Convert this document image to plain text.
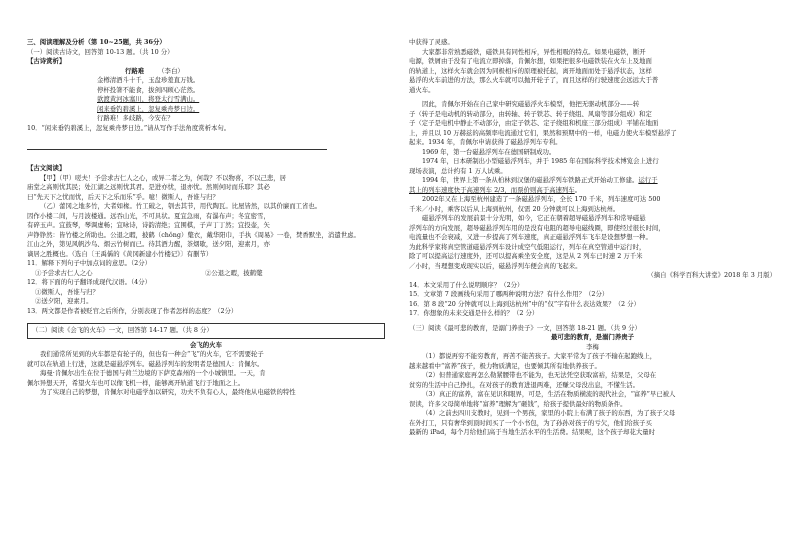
三、阅读理解及分析（第 10~25题，共 36分）

（一）阅读古诗文，回答第 10-13 题。（共 10 分）

【古诗赏析】

行路难 （李白）

金樽清酒斗十千，玉盘珍羞直万钱。

停杯投箸不能食，拔剑四顾心茫然。

欲渡黄河冰塞川，将登太行雪满山。

闲来垂钓碧溪上，忽复乘舟梦日边。

行路难！多歧路，今安在？

10．“闲来垂钓碧溪上，忽复乘舟梦日边。”请从写作手法角度赏析本句。

【古文阅读】

【甲】（甲）嗟夫！予尝求古仁人之心，或异二者之为，何哉？不以物喜，不以己悲，居

庙堂之高则忧其民；处江湖之远则忧其君。是进亦忧，退亦忧。然则何时而乐耶？其必

曰“先天下之忧而忧，后天下之乐而乐”乎。噫！微斯人，吾谁与归？

（乙）蕾冈之地多竹，大者如椽。竹工破之，刳去其节，用代陶瓦。比屋皆然，以其价廉而工省也。

因作小楼二间，与月波楼通。远吞山光，不可具状。夏宜急雨，有瀑布声；冬宜密雪，

有碎玉声。宜鼓琴，琴调虚畅；宜咏诗，诗韵清绝；宜围棋，子声丁丁然；宜投壶，矢

声铮铮然：皆竹楼之所助也。公退之暇，披鹤（chǒng）氅衣，戴华阳巾，手执《周易》一卷，焚香默坐，消遣世虑。

江山之外，第见风帆沙鸟、烟云竹树而已。待其酒力醒，茶烟歇，送夕阳，迎素月，亦

谪居之胜概也。（选自〔王禹偁的《黄冈新建小竹楼记》〕有删节）

11．解释下列句子中加点词的意思。（2分）

①予尝求古仁人之心	②公退之暇，披鹤氅

12．将下面的句子翻译成现代汉语。（4分）

①微斯人，吾谁与归？

②送夕阳，迎素月。

13．两文都是作者被贬官之后所作，分别表现了作者怎样的态度？（2分）

（二）阅读《会飞的火车》一文，回答第 14-17 题。（共 8 分）

会飞的火车

我们通常所见到的火车都是有轮子的，但也有一种会“飞”的火车，它不需要轮子

就可以在轨道上行进，这就是磁悬浮列车。磁悬浮列车的发明者是德国人：肯佩尔。

海曼·肯佩尔出生在位于德国与荷兰边境的下萨克森州的一个小城镇里。一天，肯

佩尔异想天开，希望火车也可以像飞机一样，能够离开轨道飞行于地面之上。

为了实现自己的梦想，肯佩尔对电磁学加以研究，功夫不负有心人，最终他从电磁铁的特性

中获得了灵感。

大家都非常熟悉磁铁，磁铁具有同性相斥，异性相吸的特点。如果电磁铁，断开

电源，铁屑由于没有了电流立即掉落，肯佩尔想，如果把很多电磁铁装在火车上及地面

的轨道上，这样火车就会因为同极相斥的原理被托起，离开地面而处于悬浮状态，这样

悬浮的火车前进的方法，那么火车就可以抛开轮子了，而且这样的行驶速度会远远大于普

通火车。

因此，肯佩尔开始在自己家中研究磁悬浮火车模型，他把无驱动机部分——转

子（转子是电动机的转动部分，由转轴、转子铁芯、转子绕组、风扇等部分组成）和定

子（定子是电机中静止不动部分，由定子铁芯、定子绕组和机座三部分组成）平铺在地面

上，并且以 10 万赫兹的高频率电流通过它们，果然和预期中的一样，电磁力使火车模型悬浮了

起来。1934 年，肯佩尔申请获得了磁悬浮列车专利。

1969 年，第一台磁悬浮列车在德国研制成功。

1974 年，日本研制出小型磁悬浮列车，并于 1985 年在国际科学技术博览会上进行

现场表演，总计约有 1 万人试乘。

1994 年，世界上第一条从柏林到汉堡的磁悬浮列车铁路正式开始动工修建。运行于

其上的列车速度快于高速列车 2/3，而票价则高于高速列车。

2002年又在上海至杭州建造了一条磁悬浮列车，全长 170 千米，列车速度可达 500

千米／小时，乘客以后从上海到杭州，仅需 20 分钟就可以上海到达杭州。

磁悬浮列车的发展前景十分光明，如今，它正在朝着超导磁悬浮列车和常导磁悬

浮列车的方向发展，超导磁悬浮列车用的是没有电阻的超导电磁线圈，即使经过很长时间，

电流量也不会衰减，又进一步提高了列车速度，真正磁悬浮列车飞车是设想梦想一种。

为此科学家将真空管道磁悬浮列车设计成空气低阻运行，列车在真空管道中运行时，

除了可以提高运行速度外，还可以提高乘坐安全度，这是从 2 列车已时速 2 万千米

／小时，当理想变成现实以后，磁悬浮列车便会真的飞起来。

（摘自《科学百科大讲堂》2018 年 3 月版）

14．本文采用了什么说明顺序？（2分）

15．文章第 7 段画线句采用了哪两种说明方法？有什么作用？（2分）

16．第 8 段“20 分钟就可以上海到达杭州”中的“仅”字有什么表达效果？（2 分）

17．你想象的未来交通是什么样的？（2 分）

（三）阅读《最可悲的教育，是溺门养贵子》一文，回答第 18-21 题。（共 9 分）

最可悲的教育，是溺门养贵子

李梅

（1）都说再穷不能穷教育，再苦不能苦孩子。大家平常为了孩子不输在起跑线上，

越来越看中“富养”孩子，极力物质满足，也要倾其所有地供养孩子。

（2）但普通家庭再怎么勒紧腰带也不能为，也无法凭空获取富裕，结果是，父母在

贫穷的生活中自己挣扎，在对孩子的教育进退两难，还赚父母没出息，不懂生活。

（3）真正的富养，富在见识和眼界，可是，生活在物质横流的现代社会，“富养”早已被人

误读，许多父母简单地将“富养”理解为“砸钱”，给孩子提供最好的物质条件。

（4）之前去四川支教时，见到一个男孩，家里的小院上布满了孩子的东西，为了孩子父母

在外打工，只有奢华到顶时间买了一个小书包，为了孙孙对孩子的亏欠，他们给孩子买

最新的 iPad，每个月给他们高于当地生活水平的生活费。结果呢，这个孩子却花大量时
